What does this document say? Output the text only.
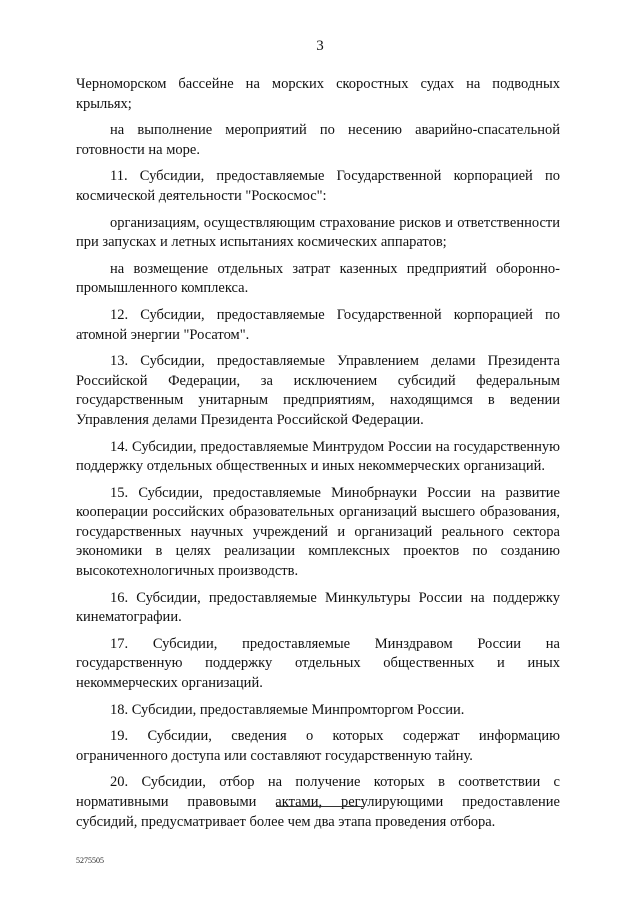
3

Черноморском бассейне на морских скоростных судах на подводных крыльях;

на выполнение мероприятий по несению аварийно-спасательной готовности на море.

11. Субсидии, предоставляемые Государственной корпорацией по космической деятельности "Роскосмос":

организациям, осуществляющим страхование рисков и ответственности при запусках и летных испытаниях космических аппаратов;

на возмещение отдельных затрат казенных предприятий оборонно-промышленного комплекса.

12. Субсидии, предоставляемые Государственной корпорацией по атомной энергии "Росатом".

13. Субсидии, предоставляемые Управлением делами Президента Российской Федерации, за исключением субсидий федеральным государственным унитарным предприятиям, находящимся в ведении Управления делами Президента Российской Федерации.

14. Субсидии, предоставляемые Минтрудом России на государственную поддержку отдельных общественных и иных некоммерческих организаций.

15. Субсидии, предоставляемые Минобрнауки России на развитие кооперации российских образовательных организаций высшего образования, государственных научных учреждений и организаций реального сектора экономики в целях реализации комплексных проектов по созданию высокотехнологичных производств.

16. Субсидии, предоставляемые Минкультуры России на поддержку кинематографии.

17. Субсидии, предоставляемые Минздравом России на государственную поддержку отдельных общественных и иных некоммерческих организаций.

18. Субсидии, предоставляемые Минпромторгом России.

19. Субсидии, сведения о которых содержат информацию ограниченного доступа или составляют государственную тайну.

20. Субсидии, отбор на получение которых в соответствии с нормативными правовыми актами, регулирующими предоставление субсидий, предусматривает более чем два этапа проведения отбора.

5275505
